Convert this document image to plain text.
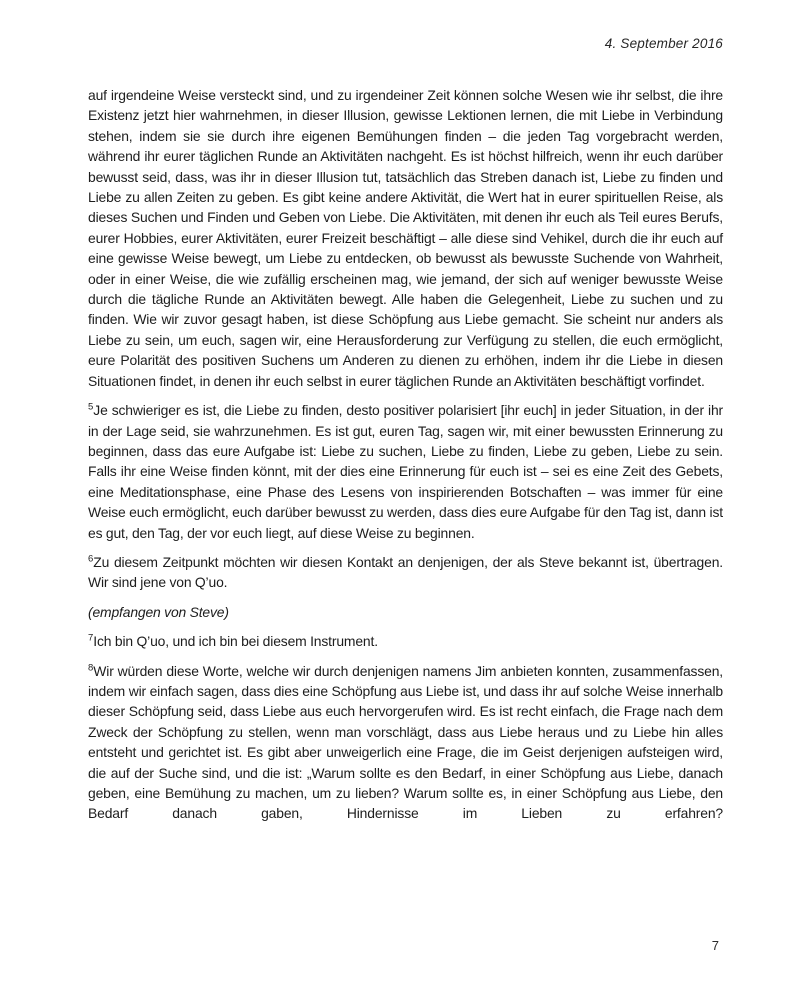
4. September 2016

auf irgendeine Weise versteckt sind, und zu irgendeiner Zeit können solche Wesen wie ihr selbst, die ihre Existenz jetzt hier wahrnehmen, in dieser Illusion, gewisse Lektionen lernen, die mit Liebe in Verbindung stehen, indem sie sie durch ihre eigenen Bemühungen finden – die jeden Tag vorgebracht werden, während ihr eurer täglichen Runde an Aktivitäten nachgeht. Es ist höchst hilfreich, wenn ihr euch darüber bewusst seid, dass, was ihr in dieser Illusion tut, tatsächlich das Streben danach ist, Liebe zu finden und Liebe zu allen Zeiten zu geben. Es gibt keine andere Aktivität, die Wert hat in eurer spirituellen Reise, als dieses Suchen und Finden und Geben von Liebe. Die Aktivitäten, mit denen ihr euch als Teil eures Berufs, eurer Hobbies, eurer Aktivitäten, eurer Freizeit beschäftigt – alle diese sind Vehikel, durch die ihr euch auf eine gewisse Weise bewegt, um Liebe zu entdecken, ob bewusst als bewusste Suchende von Wahrheit, oder in einer Weise, die wie zufällig erscheinen mag, wie jemand, der sich auf weniger bewusste Weise durch die tägliche Runde an Aktivitäten bewegt. Alle haben die Gelegenheit, Liebe zu suchen und zu finden. Wie wir zuvor gesagt haben, ist diese Schöpfung aus Liebe gemacht. Sie scheint nur anders als Liebe zu sein, um euch, sagen wir, eine Herausforderung zur Verfügung zu stellen, die euch ermöglicht, eure Polarität des positiven Suchens um Anderen zu dienen zu erhöhen, indem ihr die Liebe in diesen Situationen findet, in denen ihr euch selbst in eurer täglichen Runde an Aktivitäten beschäftigt vorfindet.

$^5$Je schwieriger es ist, die Liebe zu finden, desto positiver polarisiert [ihr euch] in jeder Situation, in der ihr in der Lage seid, sie wahrzunehmen. Es ist gut, euren Tag, sagen wir, mit einer bewussten Erinnerung zu beginnen, dass das eure Aufgabe ist: Liebe zu suchen, Liebe zu finden, Liebe zu geben, Liebe zu sein. Falls ihr eine Weise finden könnt, mit der dies eine Erinnerung für euch ist – sei es eine Zeit des Gebets, eine Meditationsphase, eine Phase des Lesens von inspirierenden Botschaften – was immer für eine Weise euch ermöglicht, euch darüber bewusst zu werden, dass dies eure Aufgabe für den Tag ist, dann ist es gut, den Tag, der vor euch liegt, auf diese Weise zu beginnen.

$^6$Zu diesem Zeitpunkt möchten wir diesen Kontakt an denjenigen, der als Steve bekannt ist, übertragen. Wir sind jene von Q’uo.

(empfangen von Steve)

$^7$Ich bin Q’uo, und ich bin bei diesem Instrument.

$^8$Wir würden diese Worte, welche wir durch denjenigen namens Jim anbieten konnten, zusammenfassen, indem wir einfach sagen, dass dies eine Schöpfung aus Liebe ist, und dass ihr auf solche Weise innerhalb dieser Schöpfung seid, dass Liebe aus euch hervorgerufen wird. Es ist recht einfach, die Frage nach dem Zweck der Schöpfung zu stellen, wenn man vorschlägt, dass aus Liebe heraus und zu Liebe hin alles entsteht und gerichtet ist. Es gibt aber unweigerlich eine Frage, die im Geist derjenigen aufsteigen wird, die auf der Suche sind, und die ist: „Warum sollte es den Bedarf, in einer Schöpfung aus Liebe, danach geben, eine Bemühung zu machen, um zu lieben? Warum sollte es, in einer Schöpfung aus Liebe, den Bedarf danach gaben, Hindernisse im Lieben zu erfahren?

7
